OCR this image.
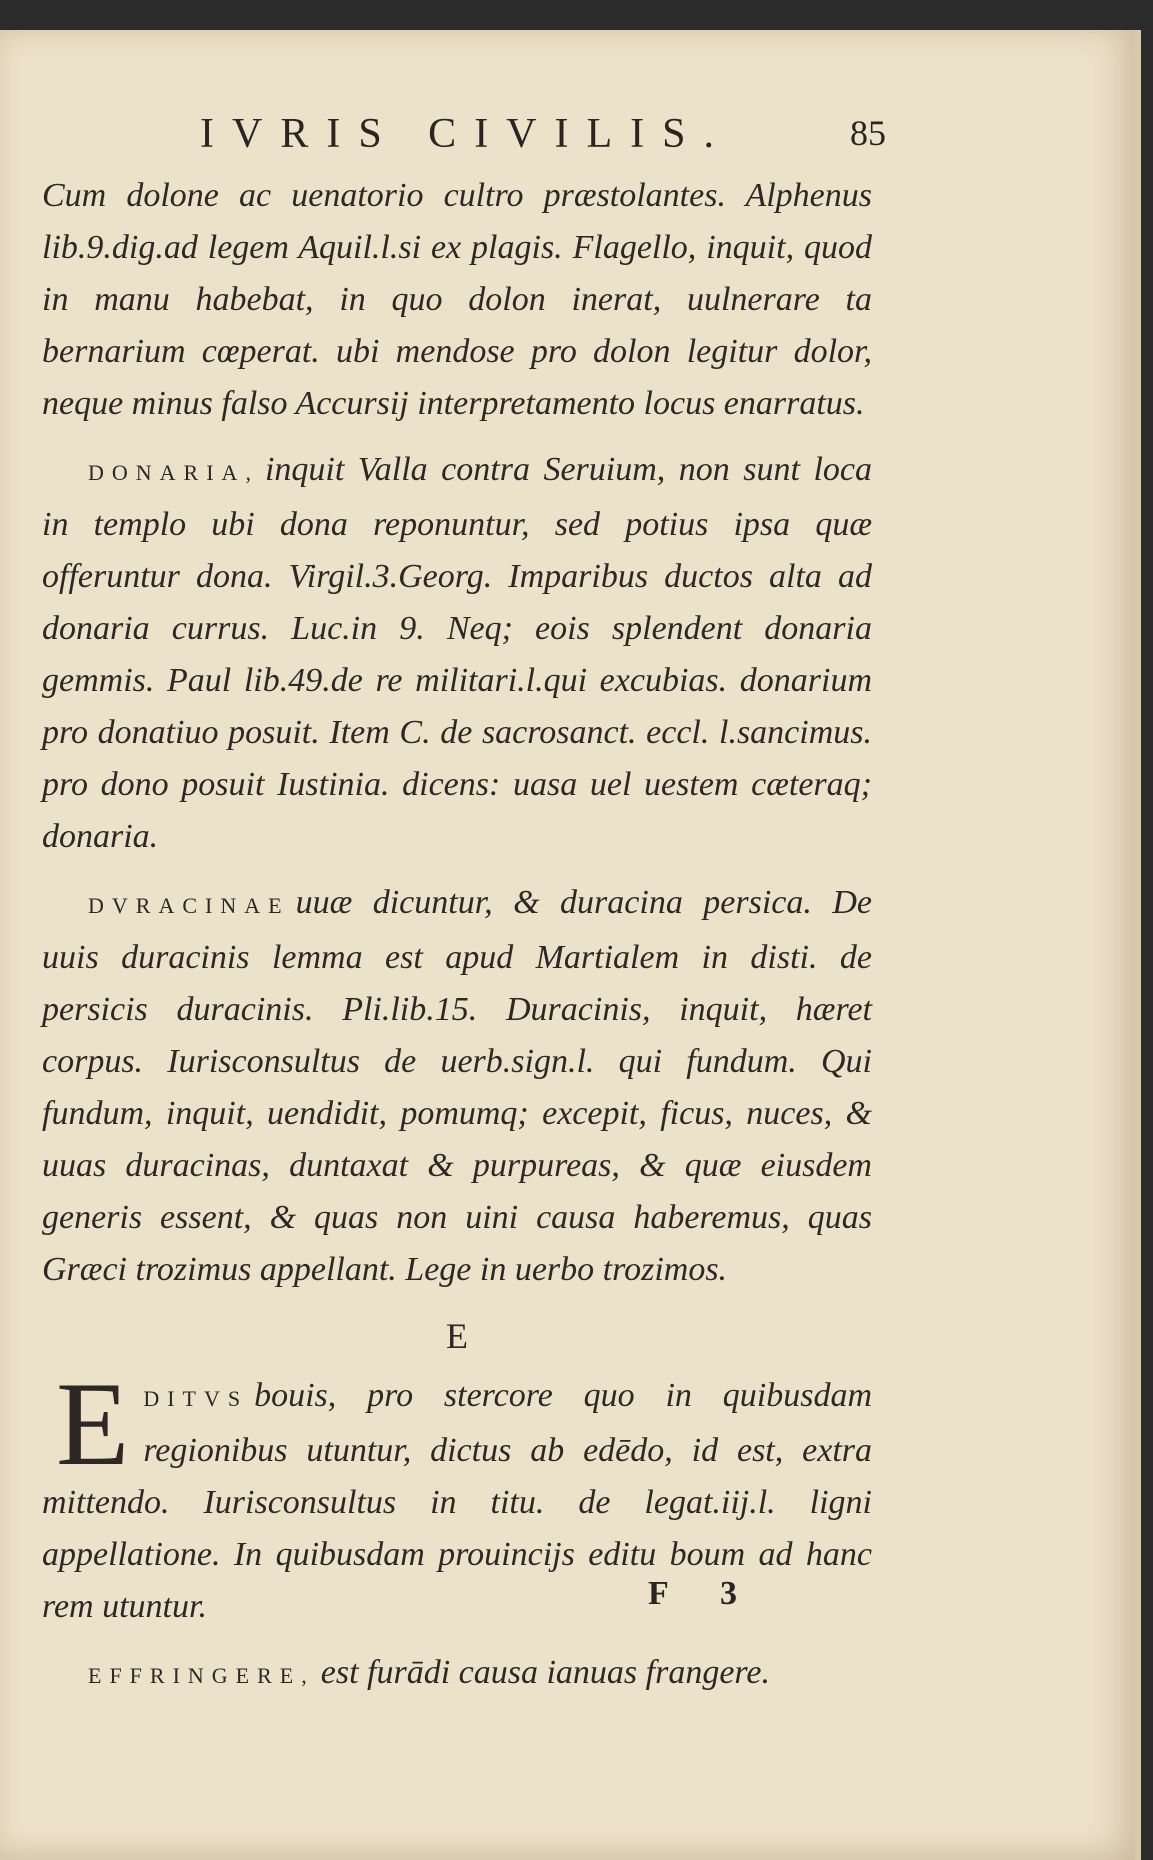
IVRIS CIVILIS.	85

Cum dolone ac uenatorio cultro præstolantes. Alphenus lib.9.dig.ad legem Aquil.l.si ex plagis. Flagello, inquit, quod in manu habebat, in quo dolon inerat, uulnerare ta bernarium cœperat. ubi mendose pro dolon legitur dolor, neque minus falso Accursij interpretamento locus enarratus.

DONARIA, inquit Valla contra Seruium, non sunt loca in templo ubi dona reponuntur, sed potius ipsa quæ offeruntur dona. Virgil.3.Georg. Imparibus ductos alta ad donaria currus. Luc.in 9. Neq; eois splendent donaria gemmis. Paul lib.49.de re militari.l.qui excubias. donarium pro donatiuo posuit. Item C. de sacrosanct. eccl. l.sancimus. pro dono posuit Iustinia. dicens: uasa uel uestem cæteraq; donaria.

DVRACINAE uuæ dicuntur, & duracina persica. De uuis duracinis lemma est apud Martialem in disti. de persicis duracinis. Pli.lib.15. Duracinis, inquit, hæret corpus. Iurisconsultus de uerb.sign.l. qui fundum. Qui fundum, inquit, uendidit, pomumq; excepit, ficus, nuces, & uuas duracinas, duntaxat & purpureas, & quæ eiusdem generis essent, & quas non uini causa haberemus, quas Græci trozimus appellant. Lege in uerbo trozimos.

E

EDITVS bouis, pro stercore quo in quibusdam regionibus utuntur, dictus ab edēdo, id est, extra mittendo. Iurisconsultus in titu. de legat.iij.l. ligni appellatione. In quibusdam prouincijs editu boum ad hanc rem utuntur.

EFFRINGERE, est furādi causa ianuas frangere.

F 3
